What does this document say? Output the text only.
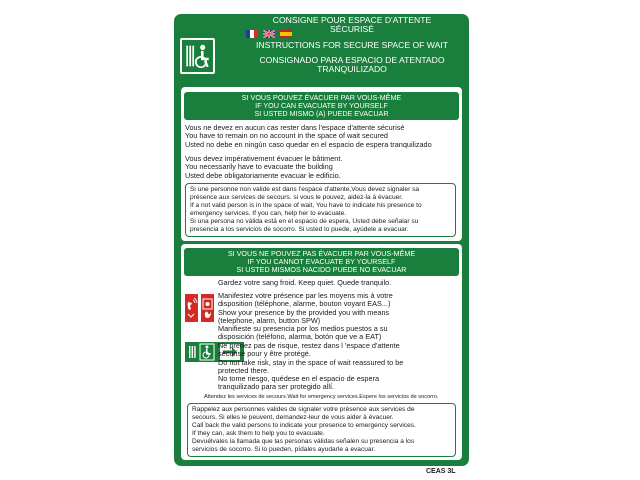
CONSIGNE POUR ESPACE D'ATTENTE
SÉCURISÉ
INSTRUCTIONS FOR SECURE SPACE OF WAIT
CONSIGNADO PARA ESPACIO DE ATENTADO
TRANQUILIZADO
SI VOUS POUVEZ ÉVACUER PAR VOUS-MÊME
IF YOU CAN EVACUATE BY YOURSELF
SI USTED MISMO (A) PUEDE EVACUAR
Vous ne devez en aucun cas rester dans l'espace d'attente sécurisé
You have to remain on no account in the space of wait secured
Usted no debe en ningún caso quedar en el espacio de espera tranquilizado
Vous devez impérativement évacuer le bâtiment.
You necessarily have to evacuate the building
Usted debe obligatoriamente evacuar le edificio.
Si une personne non valide est dans l'espace d'attente,Vous devez signaler sa
présence aux services de secours. si vous le pouvez, aidez-la à évacuer.
If a not valid person is in the space of wait, You have to indicate his presence to
emergency services. If you can, help her to evacuate.
Si una persona no válida está en el espacio de espera, Usted debe señalar su
presencia a los servicios de socorro. Si usted lo puede, ayúdele a evacuar.
SI VOUS NE POUVEZ PAS ÉVACUER PAR VOUS-MÊME
IF YOU CANNOT EVACUATE BY YOURSELF
SI USTED MISMOS NACIDO PUEDE NO EVACUAR
Gardez votre sang froid. Keep quiet. Quede tranquilo.
Manifestez votre présence par les moyens mis à votre
disposition (téléphone, alarme, bouton voyant EAS...)
Show your presence by the provided you with means
(telephone, alarm, button SPW)
Manifieste su presencia por los medios puestos a su
disposición (teléfono, alarma, botón que ve a EAT)
Ne prenez pas de risque, restez dans l 'espace d'attente
sécurisé pour y être protégé.
Do not take risk, stay in the space of wait reassured to be
protected there.
No tome riesgo, quédese en el espacio de espera
tranquilizado para ser protegido allí.
Attendez les services de secours.Wait for emergency services.Espere los servicios de socorro.
Rappelez aux personnes valides de signaler votre présence aux services de
secours. Si elles le peuvent, demandez-leur de vous aider à évacuer.
Call back the valid persons to indicate your presence to emergency services.
If they can, ask them to help you to evacuate.
Devuélvales la llamada que las personas válidas señalen su presencia a los
servicios de socorro. Si lo pueden, pídales ayudarle a evacuar.
CEAS 3L
